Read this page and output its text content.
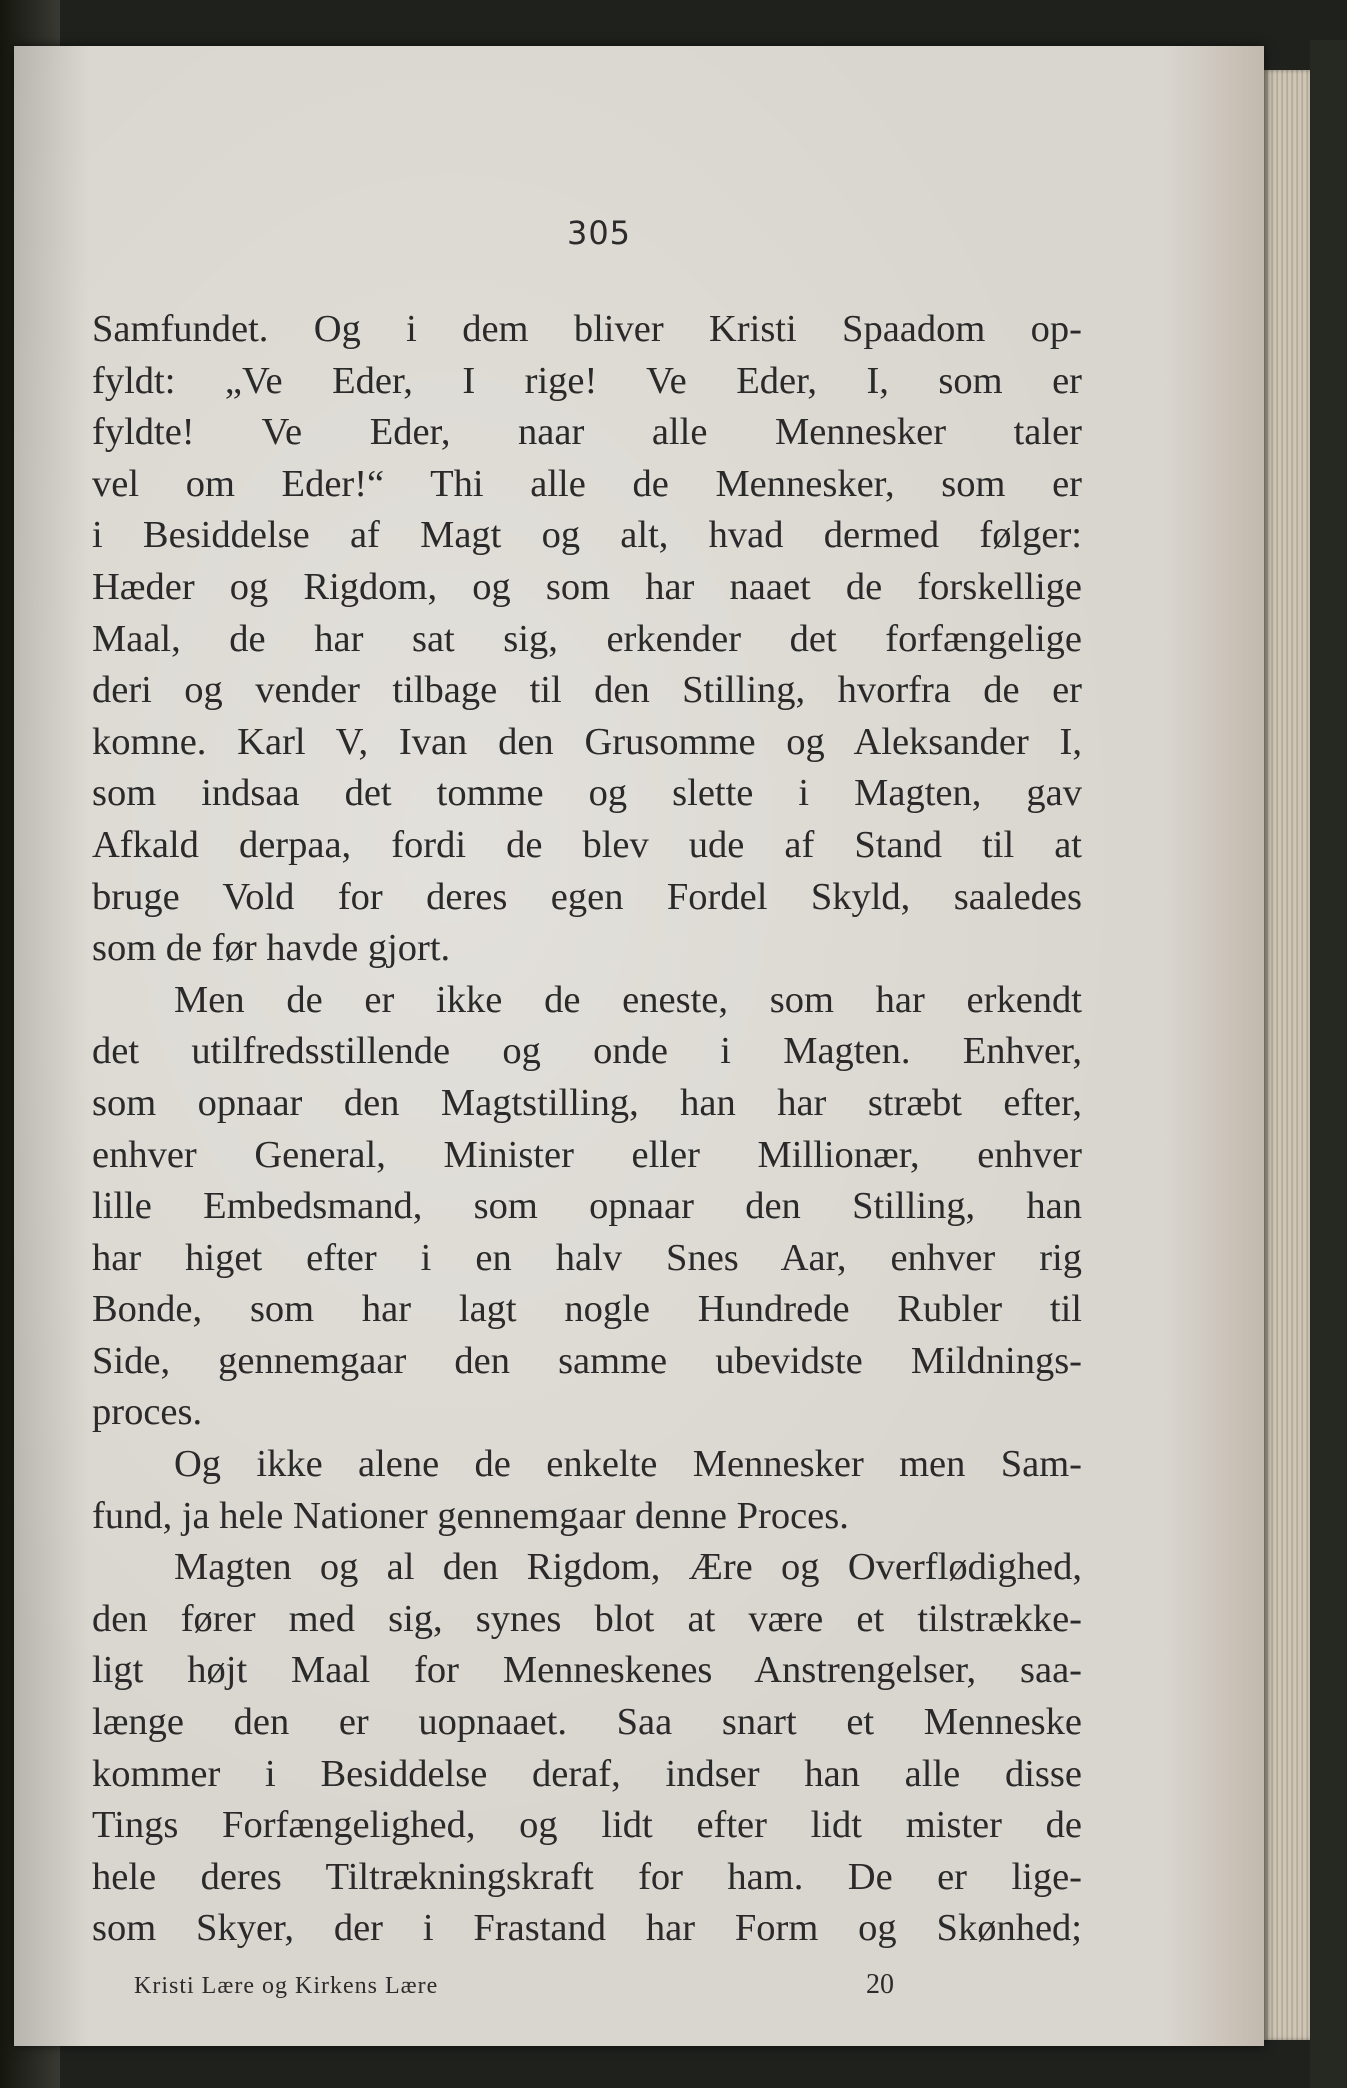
305
Samfundet. Og i dem bliver Kristi Spaadom op-
fyldt: „Ve Eder, I rige! Ve Eder, I, som er
fyldte! Ve Eder, naar alle Mennesker taler
vel om Eder!“ Thi alle de Mennesker, som er
i Besiddelse af Magt og alt, hvad dermed følger:
Hæder og Rigdom, og som har naaet de forskellige
Maal, de har sat sig, erkender det forfængelige
deri og vender tilbage til den Stilling, hvorfra de er
komne. Karl V, Ivan den Grusomme og Aleksander I,
som indsaa det tomme og slette i Magten, gav
Afkald derpaa, fordi de blev ude af Stand til at
bruge Vold for deres egen Fordel Skyld, saaledes
som de før havde gjort.
Men de er ikke de eneste, som har erkendt
det utilfredsstillende og onde i Magten. Enhver,
som opnaar den Magtstilling, han har stræbt efter,
enhver General, Minister eller Millionær, enhver
lille Embedsmand, som opnaar den Stilling, han
har higet efter i en halv Snes Aar, enhver rig
Bonde, som har lagt nogle Hundrede Rubler til
Side, gennemgaar den samme ubevidste Mildnings-
proces.
Og ikke alene de enkelte Mennesker men Sam-
fund, ja hele Nationer gennemgaar denne Proces.
Magten og al den Rigdom, Ære og Overflødighed,
den fører med sig, synes blot at være et tilstrække-
ligt højt Maal for Menneskenes Anstrengelser, saa-
længe den er uopnaaet. Saa snart et Menneske
kommer i Besiddelse deraf, indser han alle disse
Tings Forfængelighed, og lidt efter lidt mister de
hele deres Tiltrækningskraft for ham. De er lige-
som Skyer, der i Frastand har Form og Skønhed;
Kristi Lære og Kirkens Lære	20
